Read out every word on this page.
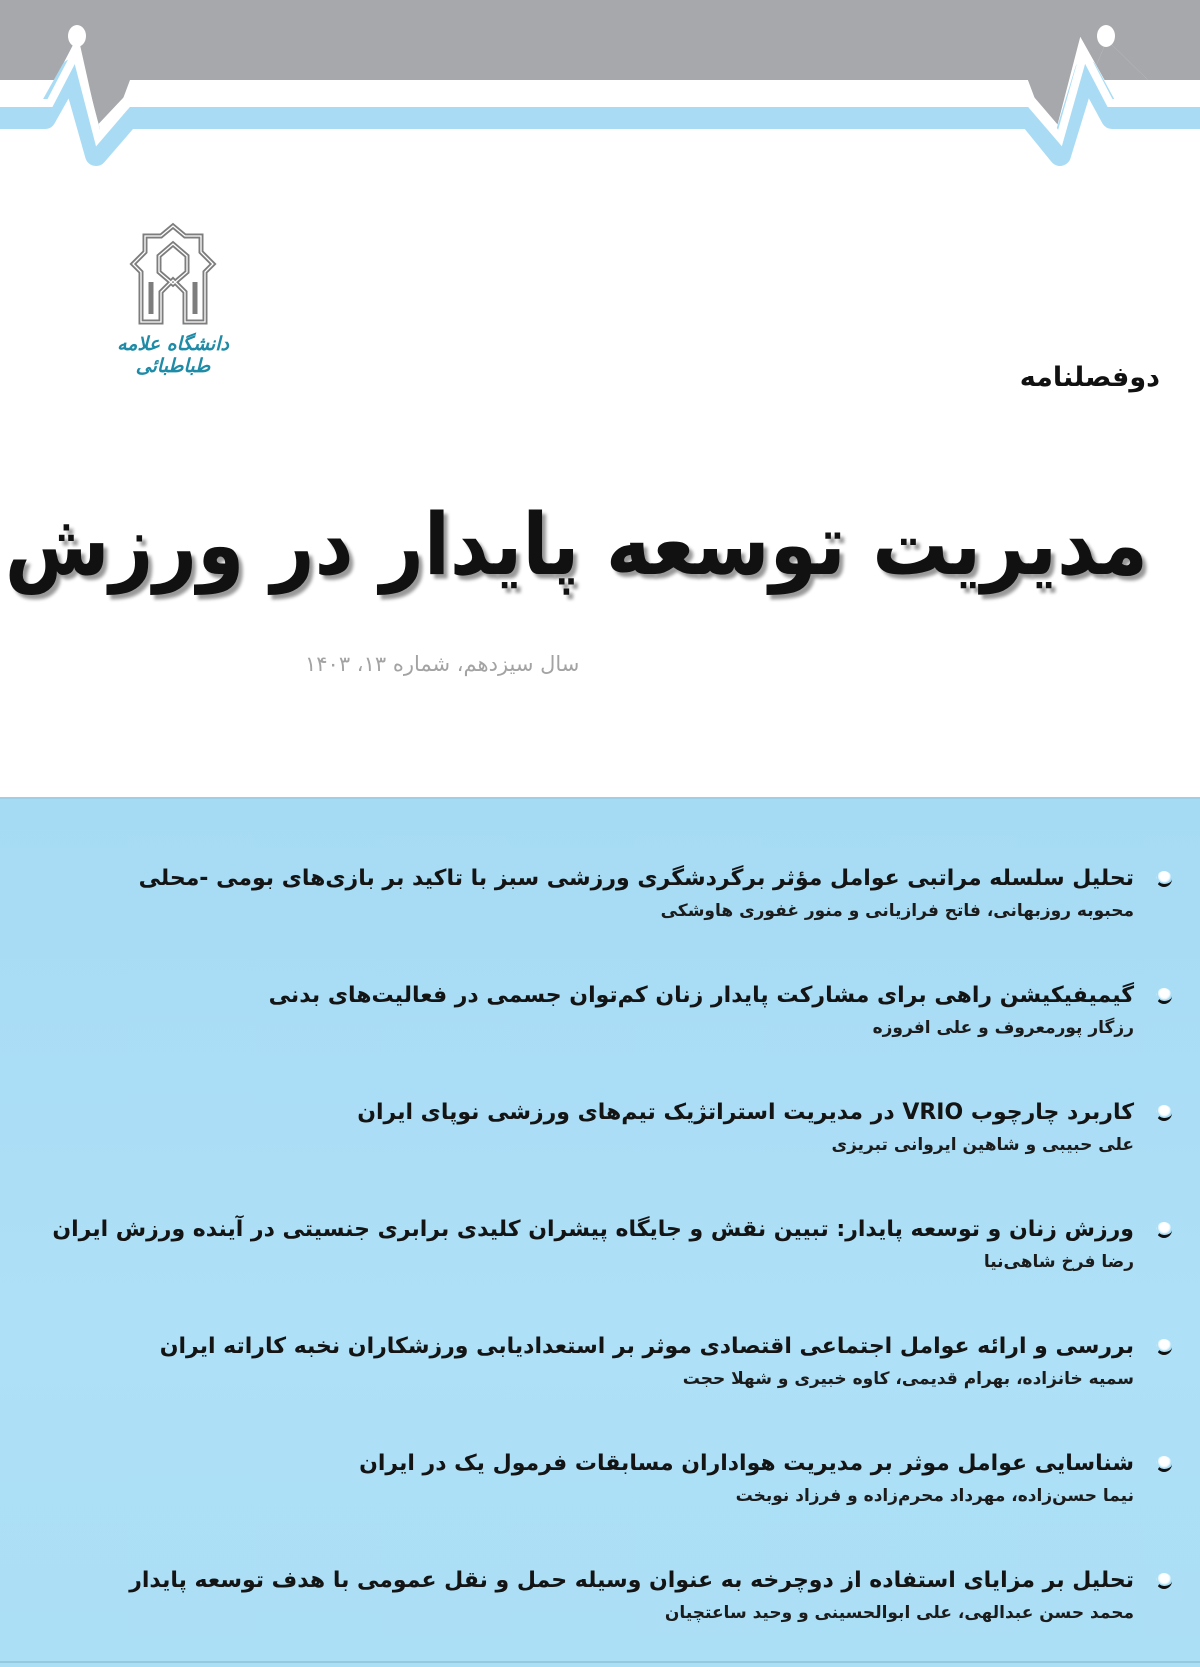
دانشگاه علامه طباطبائی	دوفصلنامه
مدیریت توسعه پایدار در ورزش
سال سیزدهم، شماره ۱۳، ۱۴۰۳
تحلیل سلسله مراتبی عوامل مؤثر برگردشگری ورزشی سبز با تاکید بر بازی‌های بومی -محلی
محبوبه روزبهانی، فاتح فرازیانی و منور غفوری هاوشکی
گیمیفیکیشن راهی برای مشارکت پایدار زنان کم‌توان جسمی در فعالیت‌های بدنی
رزگار پورمعروف و علی افروزه
کاربرد چارچوب VRIO در مدیریت استراتژیک تیم‌های ورزشی نوپای ایران
علی حبیبی و شاهین ایروانی تبریزی
ورزش زنان و توسعه پایدار: تبیین نقش و جایگاه پیشران کلیدی برابری جنسیتی در آینده ورزش ایران
رضا فرخ شاهی‌نیا
بررسی و ارائه عوامل اجتماعی اقتصادی موثر بر استعدادیابی ورزشکاران نخبه کاراته ایران
سمیه خانزاده، بهرام قدیمی، کاوه خبیری و شهلا حجت
شناسایی عوامل موثر بر مدیریت هواداران مسابقات فرمول یک در ایران
نیما حسن‌زاده، مهرداد محرم‌زاده و فرزاد نوبخت
تحلیل بر مزایای استفاده از دوچرخه به عنوان وسیله حمل و نقل عمومی با هدف توسعه پایدار
محمد حسن عبدالهی، علی ابوالحسینی و وحید ساعتچیان
